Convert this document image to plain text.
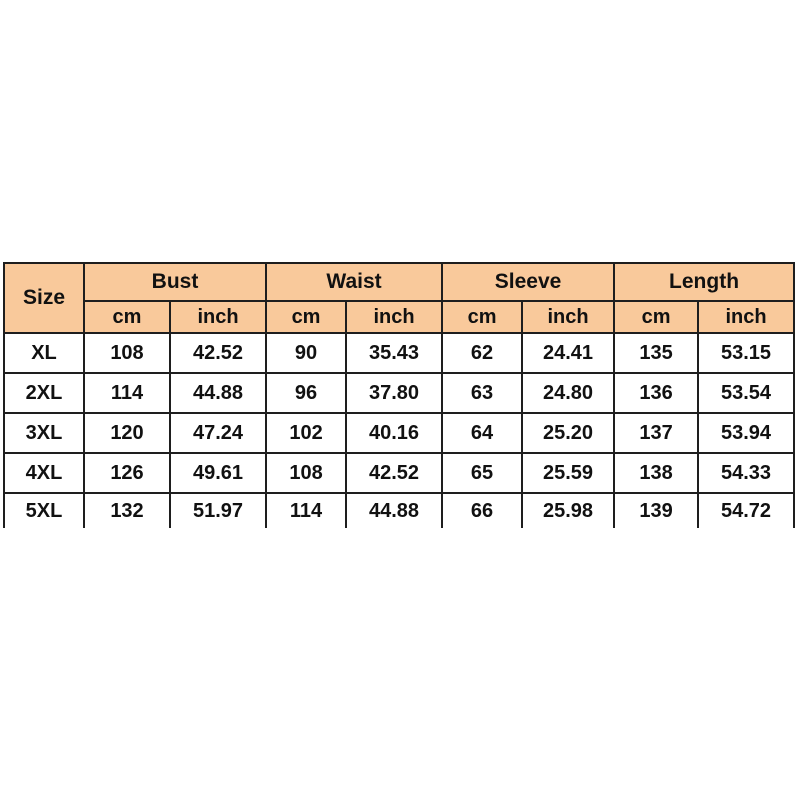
Size	Bust		Waist		Sleeve		Length	
	cm	inch	cm	inch	cm	inch	cm	inch
XL	108	42.52	90	35.43	62	24.41	135	53.15
2XL	114	44.88	96	37.80	63	24.80	136	53.54
3XL	120	47.24	102	40.16	64	25.20	137	53.94
4XL	126	49.61	108	42.52	65	25.59	138	54.33
5XL	132	51.97	114	44.88	66	25.98	139	54.72
